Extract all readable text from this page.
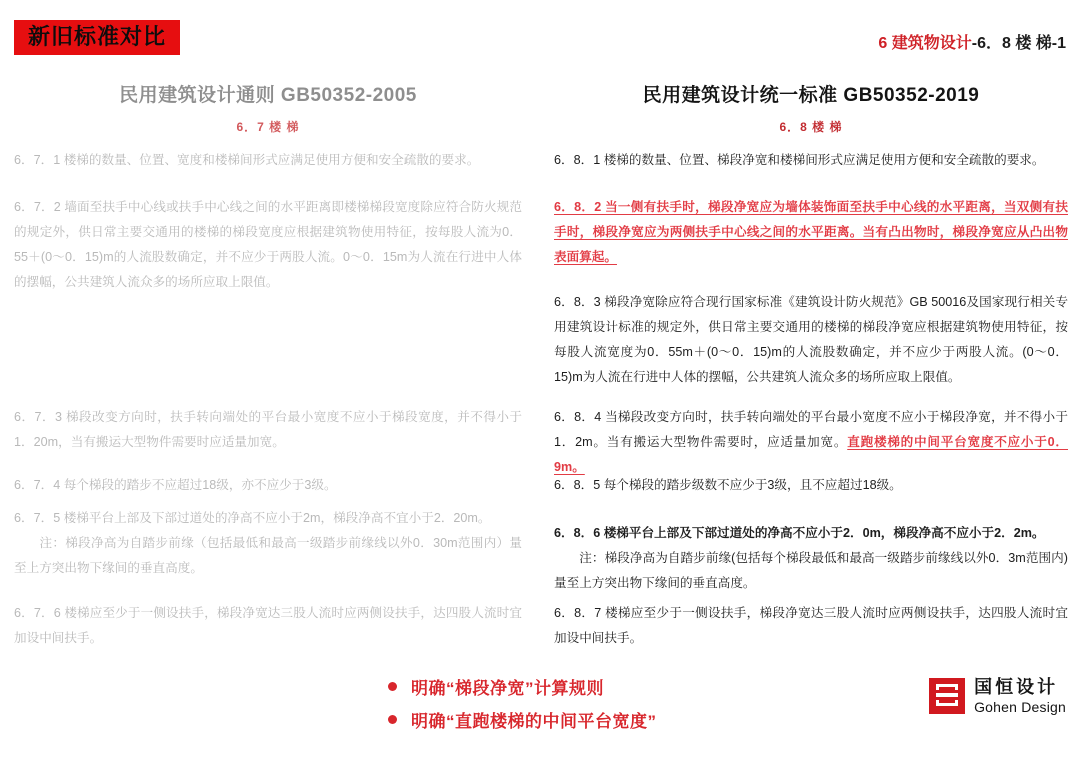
新旧标准对比	6 建筑物设计-6．8 楼 梯-1
民用建筑设计通则 GB50352-2005
6．7 楼 梯

6．7．1 楼梯的数量、位置、宽度和楼梯间形式应满足使用方便和安全疏散的要求。

6．7．2 墙面至扶手中心线或扶手中心线之间的水平距离即楼梯梯段宽度除应符合防火规范的规定外，供日常主要交通用的楼梯的梯段宽度应根据建筑物使用特征，按每股人流为0．55＋(0～0．15)m的人流股数确定，并不应少于两股人流。0～0．15m为人流在行进中人体的摆幅，公共建筑人流众多的场所应取上限值。

6．7．3 梯段改变方向时，扶手转向端处的平台最小宽度不应小于梯段宽度，并不得小于1．20m，当有搬运大型物件需要时应适量加宽。

6．7．4 每个梯段的踏步不应超过18级，亦不应少于3级。

6．7．5 楼梯平台上部及下部过道处的净高不应小于2m，梯段净高不宜小于2．20m。

注：梯段净高为自踏步前缘（包括最低和最高一级踏步前缘线以外0．30m范围内）量至上方突出物下缘间的垂直高度。

6．7．6 楼梯应至少于一侧设扶手，梯段净宽达三股人流时应两侧设扶手，达四股人流时宜加设中间扶手。

民用建筑设计统一标准 GB50352-2019
6．8 楼 梯

6．8．1 楼梯的数量、位置、梯段净宽和楼梯间形式应满足使用方便和安全疏散的要求。

6．8．2 当一侧有扶手时，梯段净宽应为墙体装饰面至扶手中心线的水平距离，当双侧有扶手时，梯段净宽应为两侧扶手中心线之间的水平距离。当有凸出物时，梯段净宽应从凸出物表面算起。

6．8．3 梯段净宽除应符合现行国家标准《建筑设计防火规范》GB 50016及国家现行相关专用建筑设计标准的规定外，供日常主要交通用的楼梯的梯段净宽应根据建筑物使用特征，按每股人流宽度为0．55m＋(0～0．15)m的人流股数确定，并不应少于两股人流。(0～0．15)m为人流在行进中人体的摆幅，公共建筑人流众多的场所应取上限值。

6．8．4 当梯段改变方向时，扶手转向端处的平台最小宽度不应小于梯段净宽，并不得小于1．2m。当有搬运大型物件需要时，应适量加宽。直跑楼梯的中间平台宽度不应小于0．9m。

6．8．5 每个梯段的踏步级数不应少于3级，且不应超过18级。

6．8．6 楼梯平台上部及下部过道处的净高不应小于2．0m，梯段净高不应小于2．2m。

注：梯段净高为自踏步前缘(包括每个梯段最低和最高一级踏步前缘线以外0．3m范围内)量至上方突出物下缘间的垂直高度。

6．8．7 楼梯应至少于一侧设扶手，梯段净宽达三股人流时应两侧设扶手，达四股人流时宜加设中间扶手。

明确“梯段净宽”计算规则
明确“直跑楼梯的中间平台宽度”
国恒设计
Gohen Design
